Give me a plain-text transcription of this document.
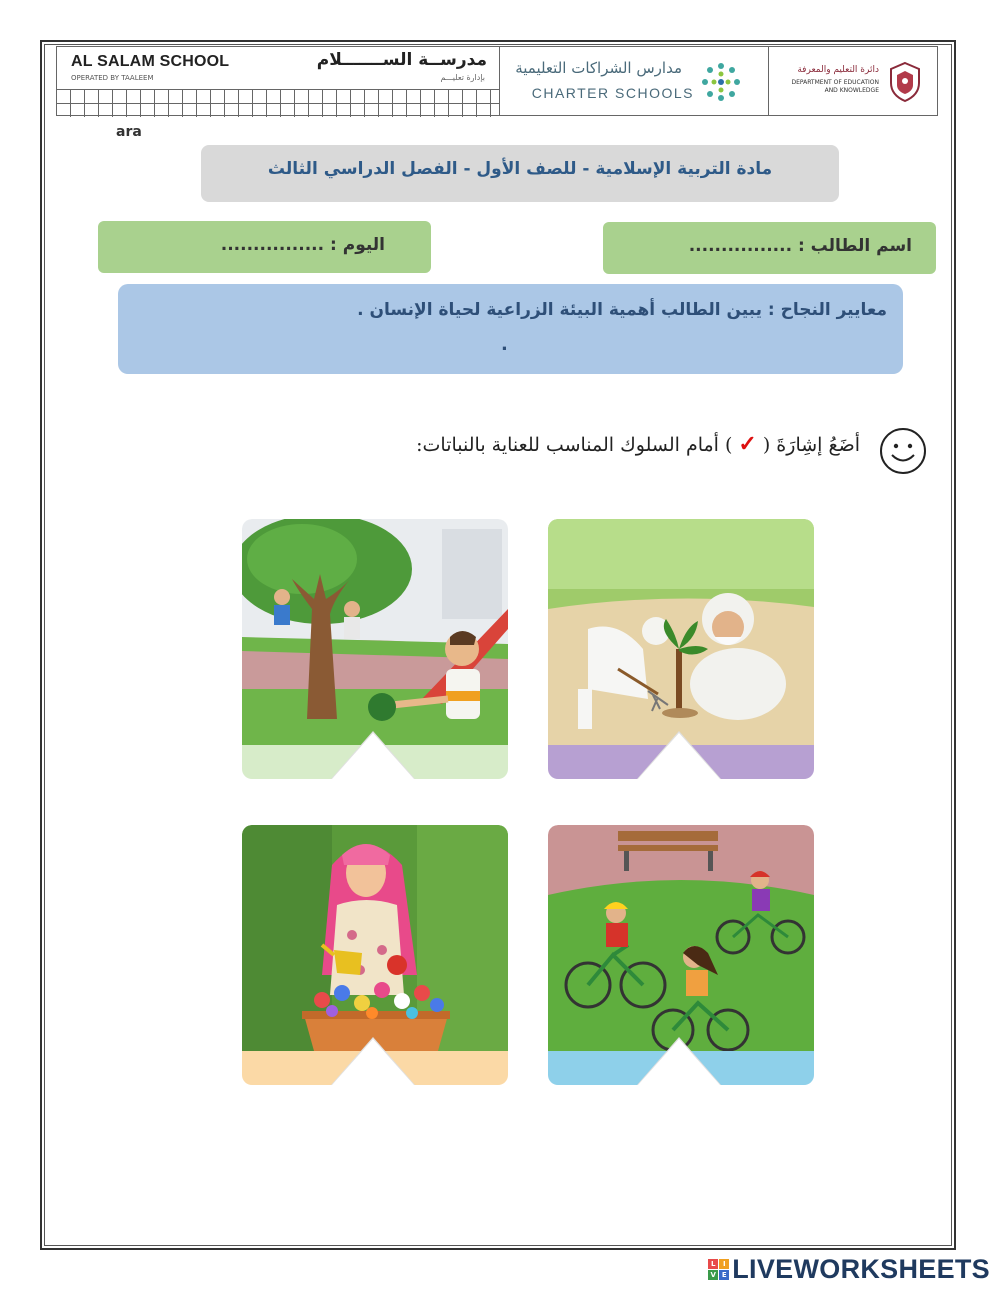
AL SALAM SCHOOL
OPERATED BY TAALEEM
مدرســة الســـــــلام
بإدارة تعليـــم
مدارس الشراكات التعليمية
CHARTER SCHOOLS
دائرة التعليم والمعرفة
DEPARTMENT OF EDUCATION
AND KNOWLEDGE
ara
مادة التربية الإسلامية - للصف الأول - الفصل الدراسي الثالث
اليوم : ................	اسم الطالب : ................
معايير النجاح : يبين الطالب أهمية البيئة الزراعية لحياة الإنسان .
.
أضَعُ إشِارَةَ (✓) أمام السلوك المناسب للعناية بالنباتات:
L	I
V E LIVEWORKSHEETS
